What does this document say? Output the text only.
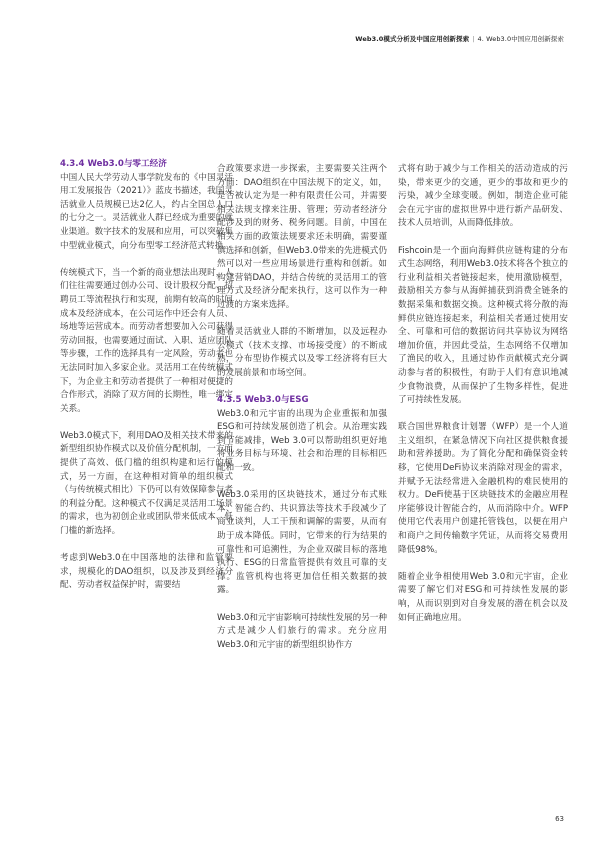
Web3.0模式分析及中国应用创新探索 | 4. Web3.0中国应用创新探索
4.3.4 Web3.0与零工经济

中国人民大学劳动人事学院发布的《中国灵活用工发展报告（2021）》蓝皮书描述，我国灵活就业人员规模已达2亿人，约占全国总人口的七分之一。灵活就业人群已经成为重要的就业渠道。数字技术的发展和应用，可以突破集中型就业模式，向分布型零工经济范式转换。

传统模式下，当一个新的商业想法出现时，人们往往需要通过创办公司、设计股权分配、招聘员工等流程执行和实现，前期有较高的时间成本及经济成本，在公司运作中还会有人员、场地等运营成本。而劳动者想要加入公司获得劳动回报，也需要通过面试、入职、适应团队等步骤，工作的选择具有一定风险，劳动者也无法同时加入多家企业。灵活用工在传统模式下，为企业主和劳动者提供了一种相对便捷的合作形式，消除了双方间的长期性，唯一绑定关系。

Web3.0模式下，利用DAO及相关技术带来的新型组织协作模式以及价值分配机制，一方面提供了高效、低门槛的组织构建和运行的模式，另一方面，在这种相对简单的组织模式（与传统模式相比）下仍可以有效保障参与者的利益分配。这种模式不仅满足灵活用工场景的需求，也为初创企业或团队带来低成本、低门槛的新选择。

考虑到Web3.0在中国落地的法律和监管要求，规模化的DAO组织，以及涉及到经济分配、劳动者权益保护时，需要结

合政策要求进一步探索，主要需要关注两个方面：DAO组织在中国法规下的定义，如，是否被认定为是一种有限责任公司，并需要相关法规支撑来注册、管理；劳动者经济分配涉及到的财务、税务问题。目前，中国在相关方面的政策法规要求还未明确，需要谨慎选择和创新，但Web3.0带来的先进模式仍然可以对一些应用场景进行重构和创新。如构建营销DAO，并结合传统的灵活用工的管理方式及经济分配来执行，这可以作为一种过渡的方案来选择。

随着灵活就业人群的不断增加，以及远程办公模式（技术支撑、市场接受度）的不断成熟，分布型协作模式以及零工经济将有巨大的发展前景和市场空间。

4.3.5 Web3.0与ESG

Web3.0和元宇宙的出现为企业重振和加强ESG和可持续发展创造了机会。从治理实践到节能减排，Web 3.0可以帮助组织更好地将业务目标与环境、社会和治理的目标相匹配和一致。

Web3.0采用的区块链技术，通过分布式账本、智能合约、共识算法等技术手段减少了商业谈判，人工干预和调解的需要，从而有助于成本降低。同时，它带来的行为结果的可靠性和可追溯性，为企业双碳目标的落地执行、ESG的日常监管提供有效且可靠的支撑。监管机构也将更加信任相关数据的披露。

Web3.0和元宇宙影响可持续性发展的另一种方式是减少人们旅行的需求。充分应用Web3.0和元宇宙的新型组织协作方

式将有助于减少与工作相关的活动造成的污染，带来更少的交通，更少的事故和更少的污染，减少全球变暖。例如，制造企业可能会在元宇宙的虚拟世界中进行新产品研发、技术人员培训，从而降低排放。

Fishcoin是一个面向海鲜供应链构建的分布式生态网络，利用Web3.0技术将各个独立的行业利益相关者链接起来，使用激励模型，鼓励相关方参与从海鲜捕获到消费全链条的数据采集和数据交换。这种模式将分散的海鲜供应链连接起来，利益相关者通过使用安全、可靠和可信的数据访问共享协议为网络增加价值，并因此受益，生态网络不仅增加了渔民的收入，且通过协作贡献模式充分调动参与者的积极性，有助于人们有意识地减少食物浪费，从而保护了生物多样性，促进了可持续性发展。

联合国世界粮食计划署（WFP）是一个人道主义组织，在紧急情况下向社区提供粮食援助和营养援助。为了简化分配和确保资金转移，它使用DeFi协议来消除对现金的需求，并赋予无法经常进入金融机构的难民使用的权力。DeFi使基于区块链技术的金融应用程序能够设计智能合约，从而消除中介。WFP使用它代表用户创建托管钱包，以便在用户和商户之间传输数字凭证，从而将交易费用降低98%。

随着企业争相使用Web 3.0和元宇宙，企业需要了解它们对ESG和可持续性发展的影响，从而识别到对自身发展的潜在机会以及如何正确地应用。

63
